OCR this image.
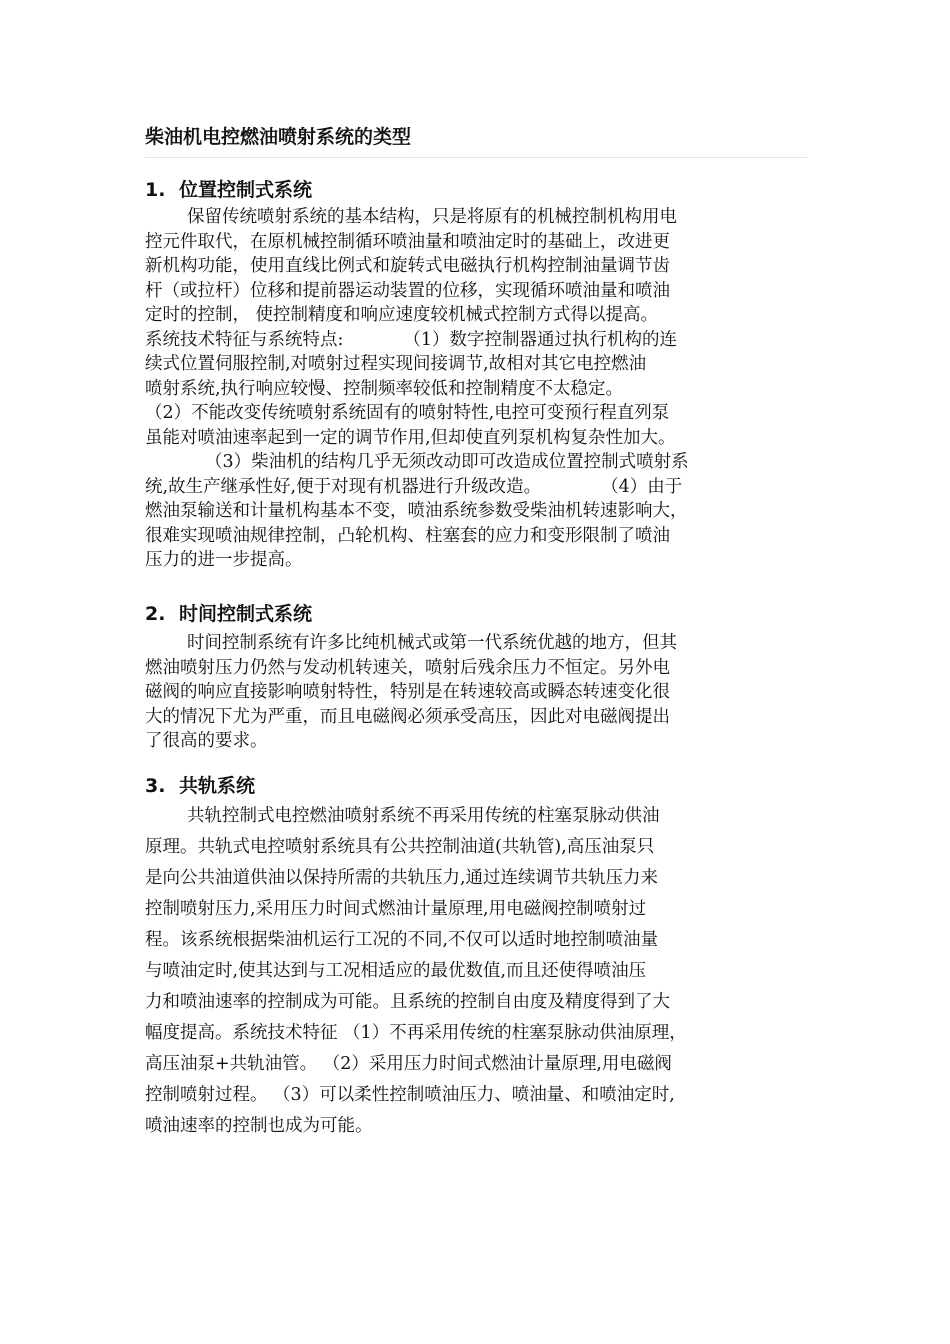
柴油机电控燃油喷射系统的类型
1. 位置控制式系统
保留传统喷射系统的基本结构，只是将原有的机械控制机构用电
控元件取代，在原机械控制循环喷油量和喷油定时的基础上，改进更
新机构功能，使用直线比例式和旋转式电磁执行机构控制油量调节齿
杆（或拉杆）位移和提前器运动装置的位移，实现循环喷油量和喷油
定时的控制， 使控制精度和响应速度较机械式控制方式得以提高。
系统技术特征与系统特点:	（1）数字控制器通过执行机构的连
续式位置伺服控制,对喷射过程实现间接调节,故相对其它电控燃油
喷射系统,执行响应较慢、控制频率较低和控制精度不太稳定。
（2）不能改变传统喷射系统固有的喷射特性,电控可变预行程直列泵
虽能对喷油速率起到一定的调节作用,但却使直列泵机构复杂性加大。
（3）柴油机的结构几乎无须改动即可改造成位置控制式喷射系
统,故生产继承性好,便于对现有机器进行升级改造。	（4）由于
燃油泵输送和计量机构基本不变，喷油系统参数受柴油机转速影响大，
很难实现喷油规律控制，凸轮机构、柱塞套的应力和变形限制了喷油
压力的进一步提高。
2. 时间控制式系统
时间控制系统有许多比纯机械式或第一代系统优越的地方，但其
燃油喷射压力仍然与发动机转速关，喷射后残余压力不恒定。另外电
磁阀的响应直接影响喷射特性，特别是在转速较高或瞬态转速变化很
大的情况下尤为严重，而且电磁阀必须承受高压，因此对电磁阀提出
了很高的要求。
3. 共轨系统
共轨控制式电控燃油喷射系统不再采用传统的柱塞泵脉动供油
原理。共轨式电控喷射系统具有公共控制油道(共轨管),高压油泵只
是向公共油道供油以保持所需的共轨压力,通过连续调节共轨压力来
控制喷射压力,采用压力时间式燃油计量原理,用电磁阀控制喷射过
程。该系统根据柴油机运行工况的不同,不仅可以适时地控制喷油量
与喷油定时,使其达到与工况相适应的最优数值,而且还使得喷油压
力和喷油速率的控制成为可能。且系统的控制自由度及精度得到了大
幅度提高。系统技术特征 （1）不再采用传统的柱塞泵脉动供油原理，
高压油泵+共轨油管。 （2）采用压力时间式燃油计量原理,用电磁阀
控制喷射过程。 （3）可以柔性控制喷油压力、喷油量、和喷油定时,
喷油速率的控制也成为可能。
